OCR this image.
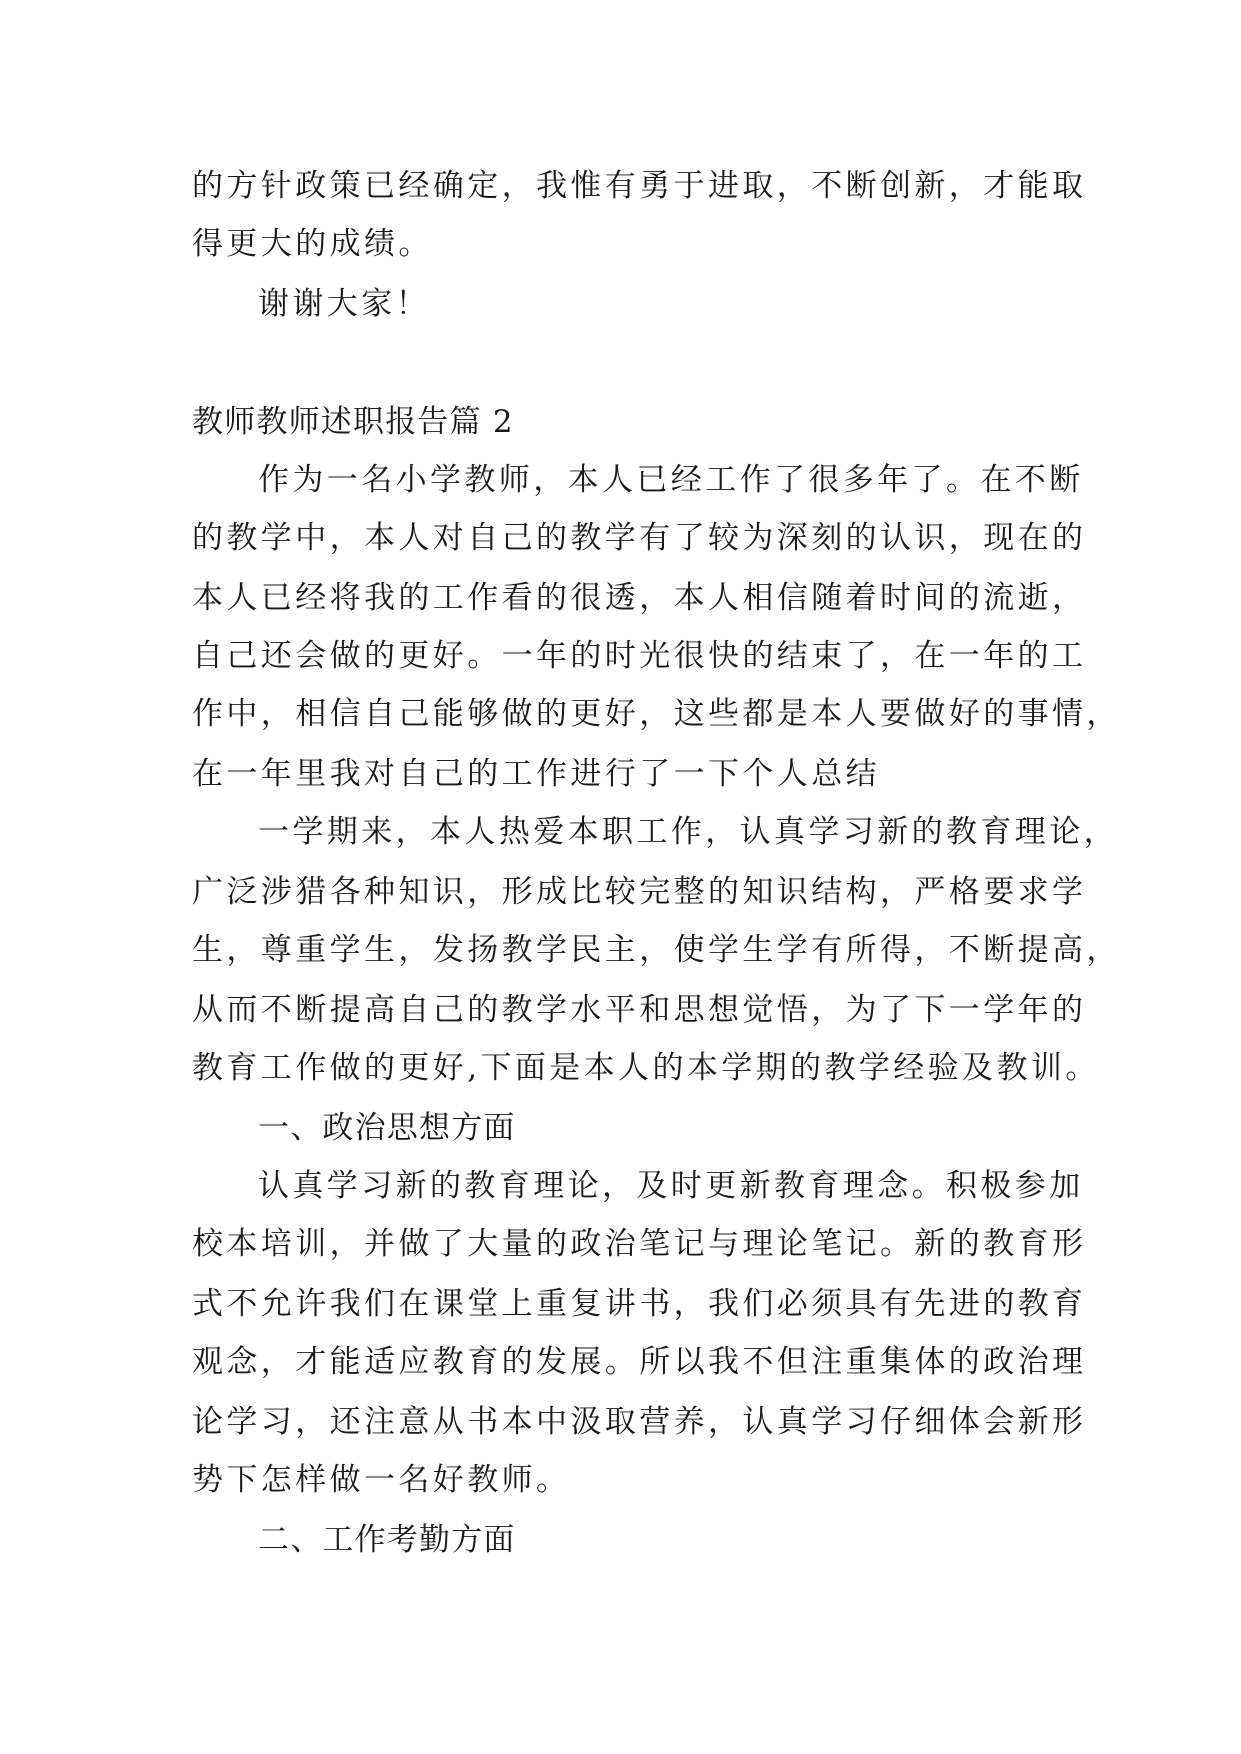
的方针政策已经确定，我惟有勇于进取，不断创新，才能取
得更大的成绩。
谢谢大家！
教师教师述职报告篇 2
作为一名小学教师，本人已经工作了很多年了。在不断
的教学中，本人对自己的教学有了较为深刻的认识，现在的
本人已经将我的工作看的很透，本人相信随着时间的流逝，
自己还会做的更好。一年的时光很快的结束了，在一年的工
作中，相信自己能够做的更好，这些都是本人要做好的事情，
在一年里我对自己的工作进行了一下个人总结
一学期来，本人热爱本职工作，认真学习新的教育理论，
广泛涉猎各种知识，形成比较完整的知识结构，严格要求学
生，尊重学生，发扬教学民主，使学生学有所得，不断提高，
从而不断提高自己的教学水平和思想觉悟，为了下一学年的
教育工作做的更好,下面是本人的本学期的教学经验及教训。
一、政治思想方面
认真学习新的教育理论，及时更新教育理念。积极参加
校本培训，并做了大量的政治笔记与理论笔记。新的教育形
式不允许我们在课堂上重复讲书，我们必须具有先进的教育
观念，才能适应教育的发展。所以我不但注重集体的政治理
论学习，还注意从书本中汲取营养，认真学习仔细体会新形
势下怎样做一名好教师。
二、工作考勤方面
